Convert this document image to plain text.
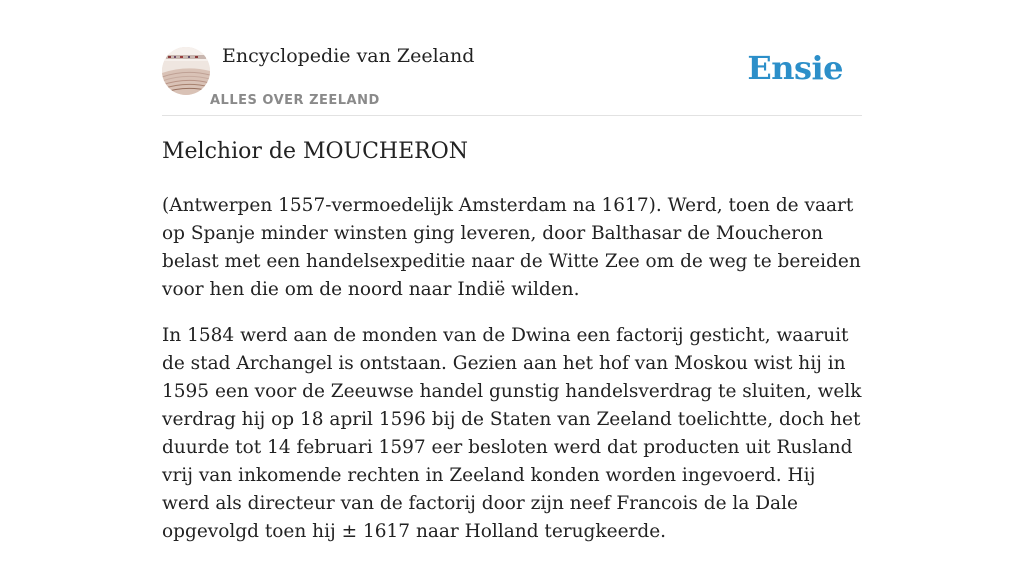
Encyclopedie van Zeeland
ALLES OVER ZEELAND
Ensie
Melchior de MOUCHERON

(Antwerpen 1557-vermoedelijk Amsterdam na 1617). Werd, toen de vaart op Spanje minder winsten ging leveren, door Balthasar de Moucheron belast met een handelsexpeditie naar de Witte Zee om de weg te bereiden voor hen die om de noord naar Indië wilden.

In 1584 werd aan de monden van de Dwina een factorij gesticht, waaruit de stad Archangel is ontstaan. Gezien aan het hof van Moskou wist hij in 1595 een voor de Zeeuwse handel gunstig handelsverdrag te sluiten, welk verdrag hij op 18 april 1596 bij de Staten van Zeeland toelichtte, doch het duurde tot 14 februari 1597 eer besloten werd dat producten uit Rusland vrij van inkomende rechten in Zeeland konden worden ingevoerd. Hij werd als directeur van de factorij door zijn neef Francois de la Dale opgevolgd toen hij ± 1617 naar Holland terugkeerde.
